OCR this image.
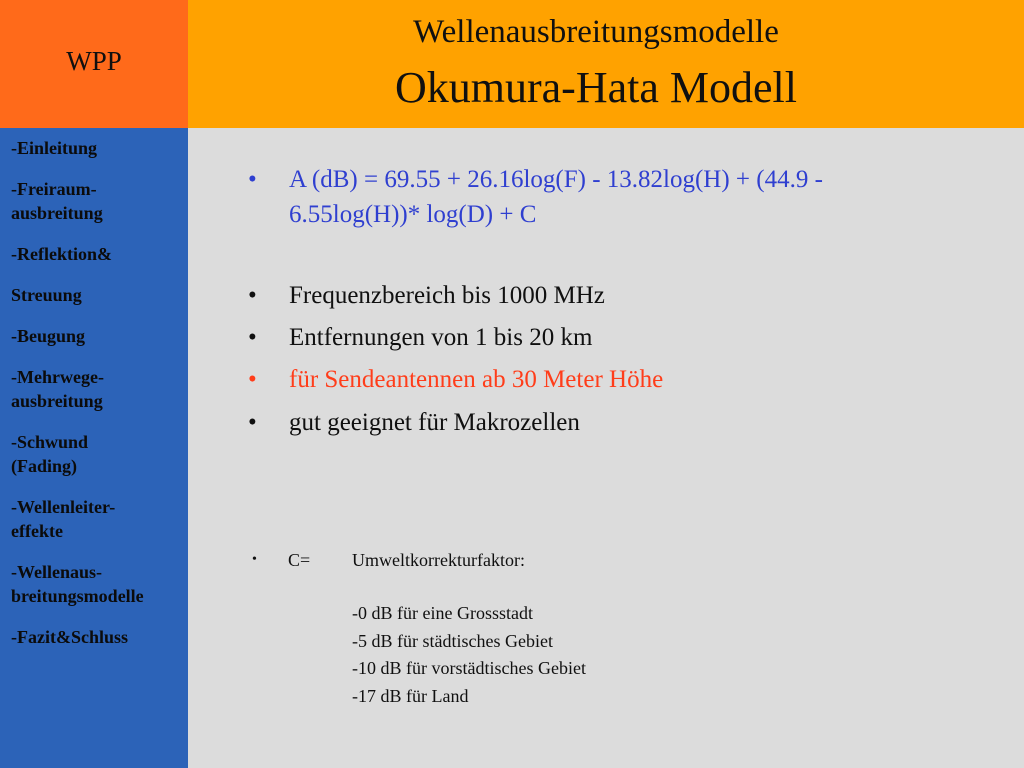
WPP
Wellenausbreitungsmodelle
Okumura-Hata Modell
-Einleitung
-Freiraum-
ausbreitung
-Reflektion&
Streuung
-Beugung
-Mehrwege-
ausbreitung
-Schwund
(Fading)
-Wellenleiter-
effekte
-Wellenaus-
breitungsmodelle
-Fazit&Schluss
• A (dB) = 69.55 + 26.16log(F) - 13.82log(H) + (44.9 -
6.55log(H))* log(D) + C
• Frequenzbereich bis 1000 MHz
• Entfernungen von 1 bis 20 km
• für Sendeantennen ab 30 Meter Höhe
• gut geeignet für Makrozellen
• C= Umweltkorrekturfaktor:
-0 dB für eine Grossstadt
-5 dB für städtisches Gebiet
-10 dB für vorstädtisches Gebiet
-17 dB für Land
